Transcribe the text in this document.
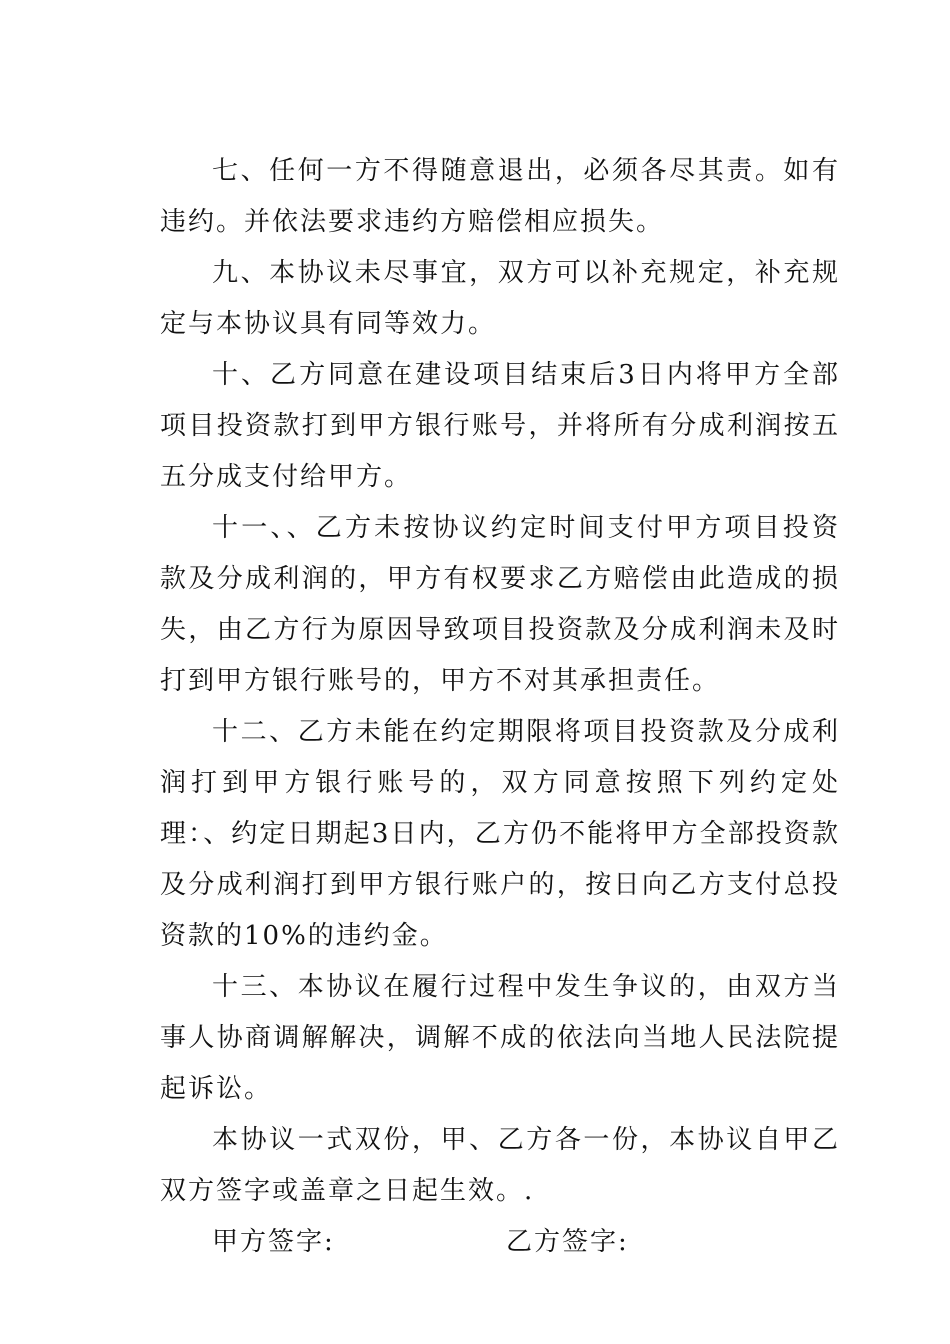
七、任何一方不得随意退出，必须各尽其责。如有违约。并依法要求违约方赔偿相应损失。

九、本协议未尽事宜，双方可以补充规定，补充规定与本协议具有同等效力。

十、乙方同意在建设项目结束后3日内将甲方全部项目投资款打到甲方银行账号，并将所有分成利润按五五分成支付给甲方。

十一、、乙方未按协议约定时间支付甲方项目投资款及分成利润的，甲方有权要求乙方赔偿由此造成的损失，由乙方行为原因导致项目投资款及分成利润未及时打到甲方银行账号的，甲方不对其承担责任。

十二、乙方未能在约定期限将项目投资款及分成利润打到甲方银行账号的，双方同意按照下列约定处理：、约定日期起3日内，乙方仍不能将甲方全部投资款及分成利润打到甲方银行账户的，按日向乙方支付总投资款的10%的违约金。

十三、本协议在履行过程中发生争议的，由双方当事人协商调解解决，调解不成的依法向当地人民法院提起诉讼。

本协议一式双份，甲、乙方各一份，本协议自甲乙双方签字或盖章之日起生效。.

甲方签字:	乙方签字:
